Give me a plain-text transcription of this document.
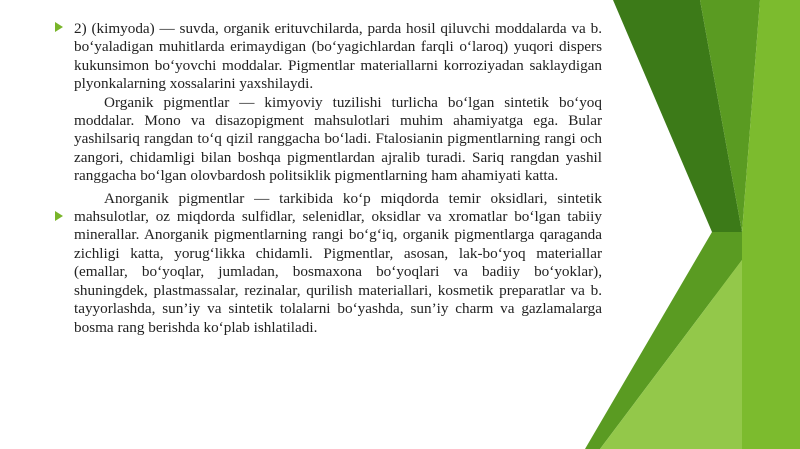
2) (kimyoda) — suvda, organik erituvchilarda, parda hosil qiluvchi moddalarda va b. bo‘yaladigan muhitlarda erimaydigan (bo‘yagichlardan farqli o‘laroq) yuqori dispers kukunsimon bo‘yovchi moddalar. Pigmentlar materiallarni korroziyadan saklaydigan plyonkalarning xossalarini yaxshilaydi.

Organik pigmentlar — kimyoviy tuzilishi turlicha bo‘lgan sintetik bo‘yoq moddalar. Mono va disazopigment mahsulotlari muhim ahamiyatga ega. Bular yashilsariq rangdan to‘q qizil ranggacha bo‘ladi. Ftalosianin pigmentlarning rangi och zangori, chidamligi bilan boshqa pigmentlardan ajralib turadi. Sariq rangdan yashil ranggacha bo‘lgan olovbardosh politsiklik pigmentlarning ham ahamiyati katta.

Anorganik pigmentlar — tarkibida ko‘p miqdorda temir oksidlari, sintetik mahsulotlar, oz miqdorda sulfidlar, selenidlar, oksidlar va xromatlar bo‘lgan tabiiy minerallar. Anorganik pigmentlarning rangi bo‘g‘iq, organik pigmentlarga qaraganda zichligi katta, yorug‘likka chidamli. Pigmentlar, asosan, lak-bo‘yoq materiallar (emallar, bo‘yoqlar, jumladan, bosmaxona bo‘yoqlari va badiiy bo‘yoklar), shuningdek, plastmassalar, rezinalar, qurilish materiallari, kosmetik preparatlar va b. tayyorlashda, sun’iy va sintetik tolalarni bo‘yashda, sun’iy charm va gazlamalarga bosma rang berishda ko‘plab ishlatiladi.
